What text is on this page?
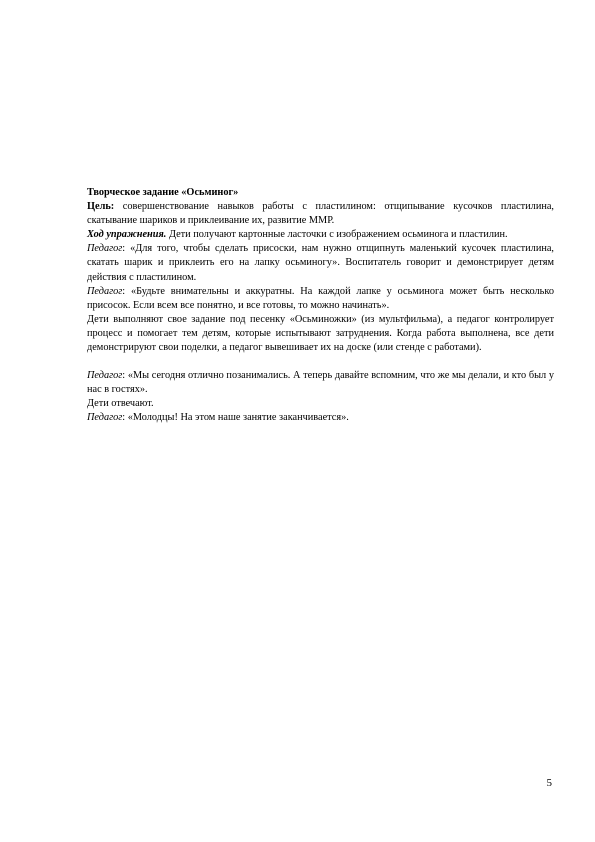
Творческое задание «Осьминог»

Цель: совершенствование навыков работы с пластилином: отщипывание кусочков пластилина, скатывание шариков и приклеивание их, развитие ММР.

Ход упражнения. Дети получают картонные ласточки с изображением осьминога и пластилин.

Педагог: «Для того, чтобы сделать присоски, нам нужно отщипнуть маленький кусочек пластилина, скатать шарик и приклеить его на лапку осьминогу». Воспитатель говорит и демонстрирует детям действия с пластилином.

Педагог: «Будьте внимательны и аккуратны. На каждой лапке у осьминога может быть несколько присосок. Если всем все понятно, и все готовы, то можно начинать».

Дети выполняют свое задание под песенку «Осьминожки» (из мультфильма), а педагог контролирует процесс и помогает тем детям, которые испытывают затруднения. Когда работа выполнена, все дети демонстрируют свои поделки, а педагог вывешивает их на доске (или стенде с работами).

Педагог: «Мы сегодня отлично позанимались. А теперь давайте вспомним, что же мы делали, и кто был у нас в гостях».

Дети отвечают.

Педагог: «Молодцы! На этом наше занятие заканчивается».

5
